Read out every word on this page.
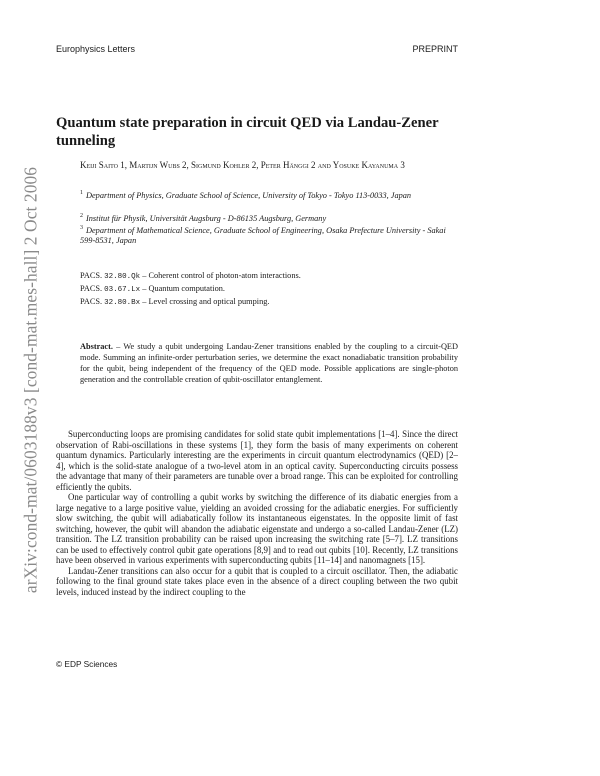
arXiv:cond-mat/0603188v3 [cond-mat.mes-hall] 2 Oct 2006
Europhysics Letters	PREPRINT
Quantum state preparation in circuit QED via Landau-Zener tunneling
Keiji Saito 1, Martijn Wubs 2, Sigmund Kohler 2, Peter Hänggi 2 and Yosuke Kayanuma 3
$^1$ Department of Physics, Graduate School of Science, University of Tokyo - Tokyo 113-0033, Japan
$^2$ Institut für Physik, Universität Augsburg - D-86135 Augsburg, Germany
$^3$ Department of Mathematical Science, Graduate School of Engineering, Osaka Prefecture University - Sakai 599-8531, Japan
PACS. 32.80.Qk – Coherent control of photon-atom interactions.
PACS. 03.67.Lx – Quantum computation.
PACS. 32.80.Bx – Level crossing and optical pumping.
Abstract. – We study a qubit undergoing Landau-Zener transitions enabled by the coupling to a circuit-QED mode. Summing an infinite-order perturbation series, we determine the exact nonadiabatic transition probability for the qubit, being independent of the frequency of the QED mode. Possible applications are single-photon generation and the controllable creation of qubit-oscillator entanglement.

Superconducting loops are promising candidates for solid state qubit implementations [1–4]. Since the direct observation of Rabi-oscillations in these systems [1], they form the basis of many experiments on coherent quantum dynamics. Particularly interesting are the experiments in circuit quantum electrodynamics (QED) [2–4], which is the solid-state analogue of a two-level atom in an optical cavity. Superconducting circuits possess the advantage that many of their parameters are tunable over a broad range. This can be exploited for controlling efficiently the qubits.

One particular way of controlling a qubit works by switching the difference of its diabatic energies from a large negative to a large positive value, yielding an avoided crossing for the adiabatic energies. For sufficiently slow switching, the qubit will adiabatically follow its instantaneous eigenstates. In the opposite limit of fast switching, however, the qubit will abandon the adiabatic eigenstate and undergo a so-called Landau-Zener (LZ) transition. The LZ transition probability can be raised upon increasing the switching rate [5–7]. LZ transitions can be used to effectively control qubit gate operations [8,9] and to read out qubits [10]. Recently, LZ transitions have been observed in various experiments with superconducting qubits [11–14] and nanomagnets [15].

Landau-Zener transitions can also occur for a qubit that is coupled to a circuit oscillator. Then, the adiabatic following to the final ground state takes place even in the absence of a direct coupling between the two qubit levels, induced instead by the indirect coupling to the

© EDP Sciences
